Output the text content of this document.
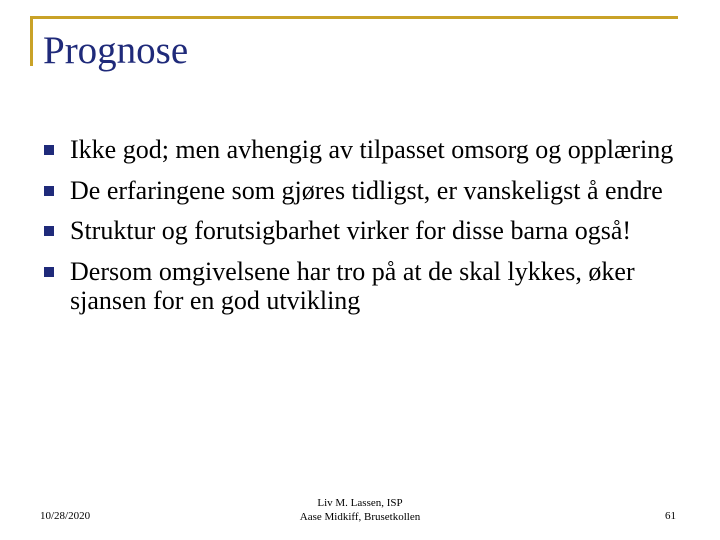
Prognose
Ikke god; men avhengig av tilpasset omsorg og opplæring
De erfaringene som gjøres tidligst, er vanskeligst å endre
Struktur og forutsigbarhet virker for disse barna også!
Dersom omgivelsene har tro på at de skal lykkes, øker sjansen for en god utvikling
10/28/2020
Liv M. Lassen, ISP
Aase Midkiff, Brusetkollen	61
